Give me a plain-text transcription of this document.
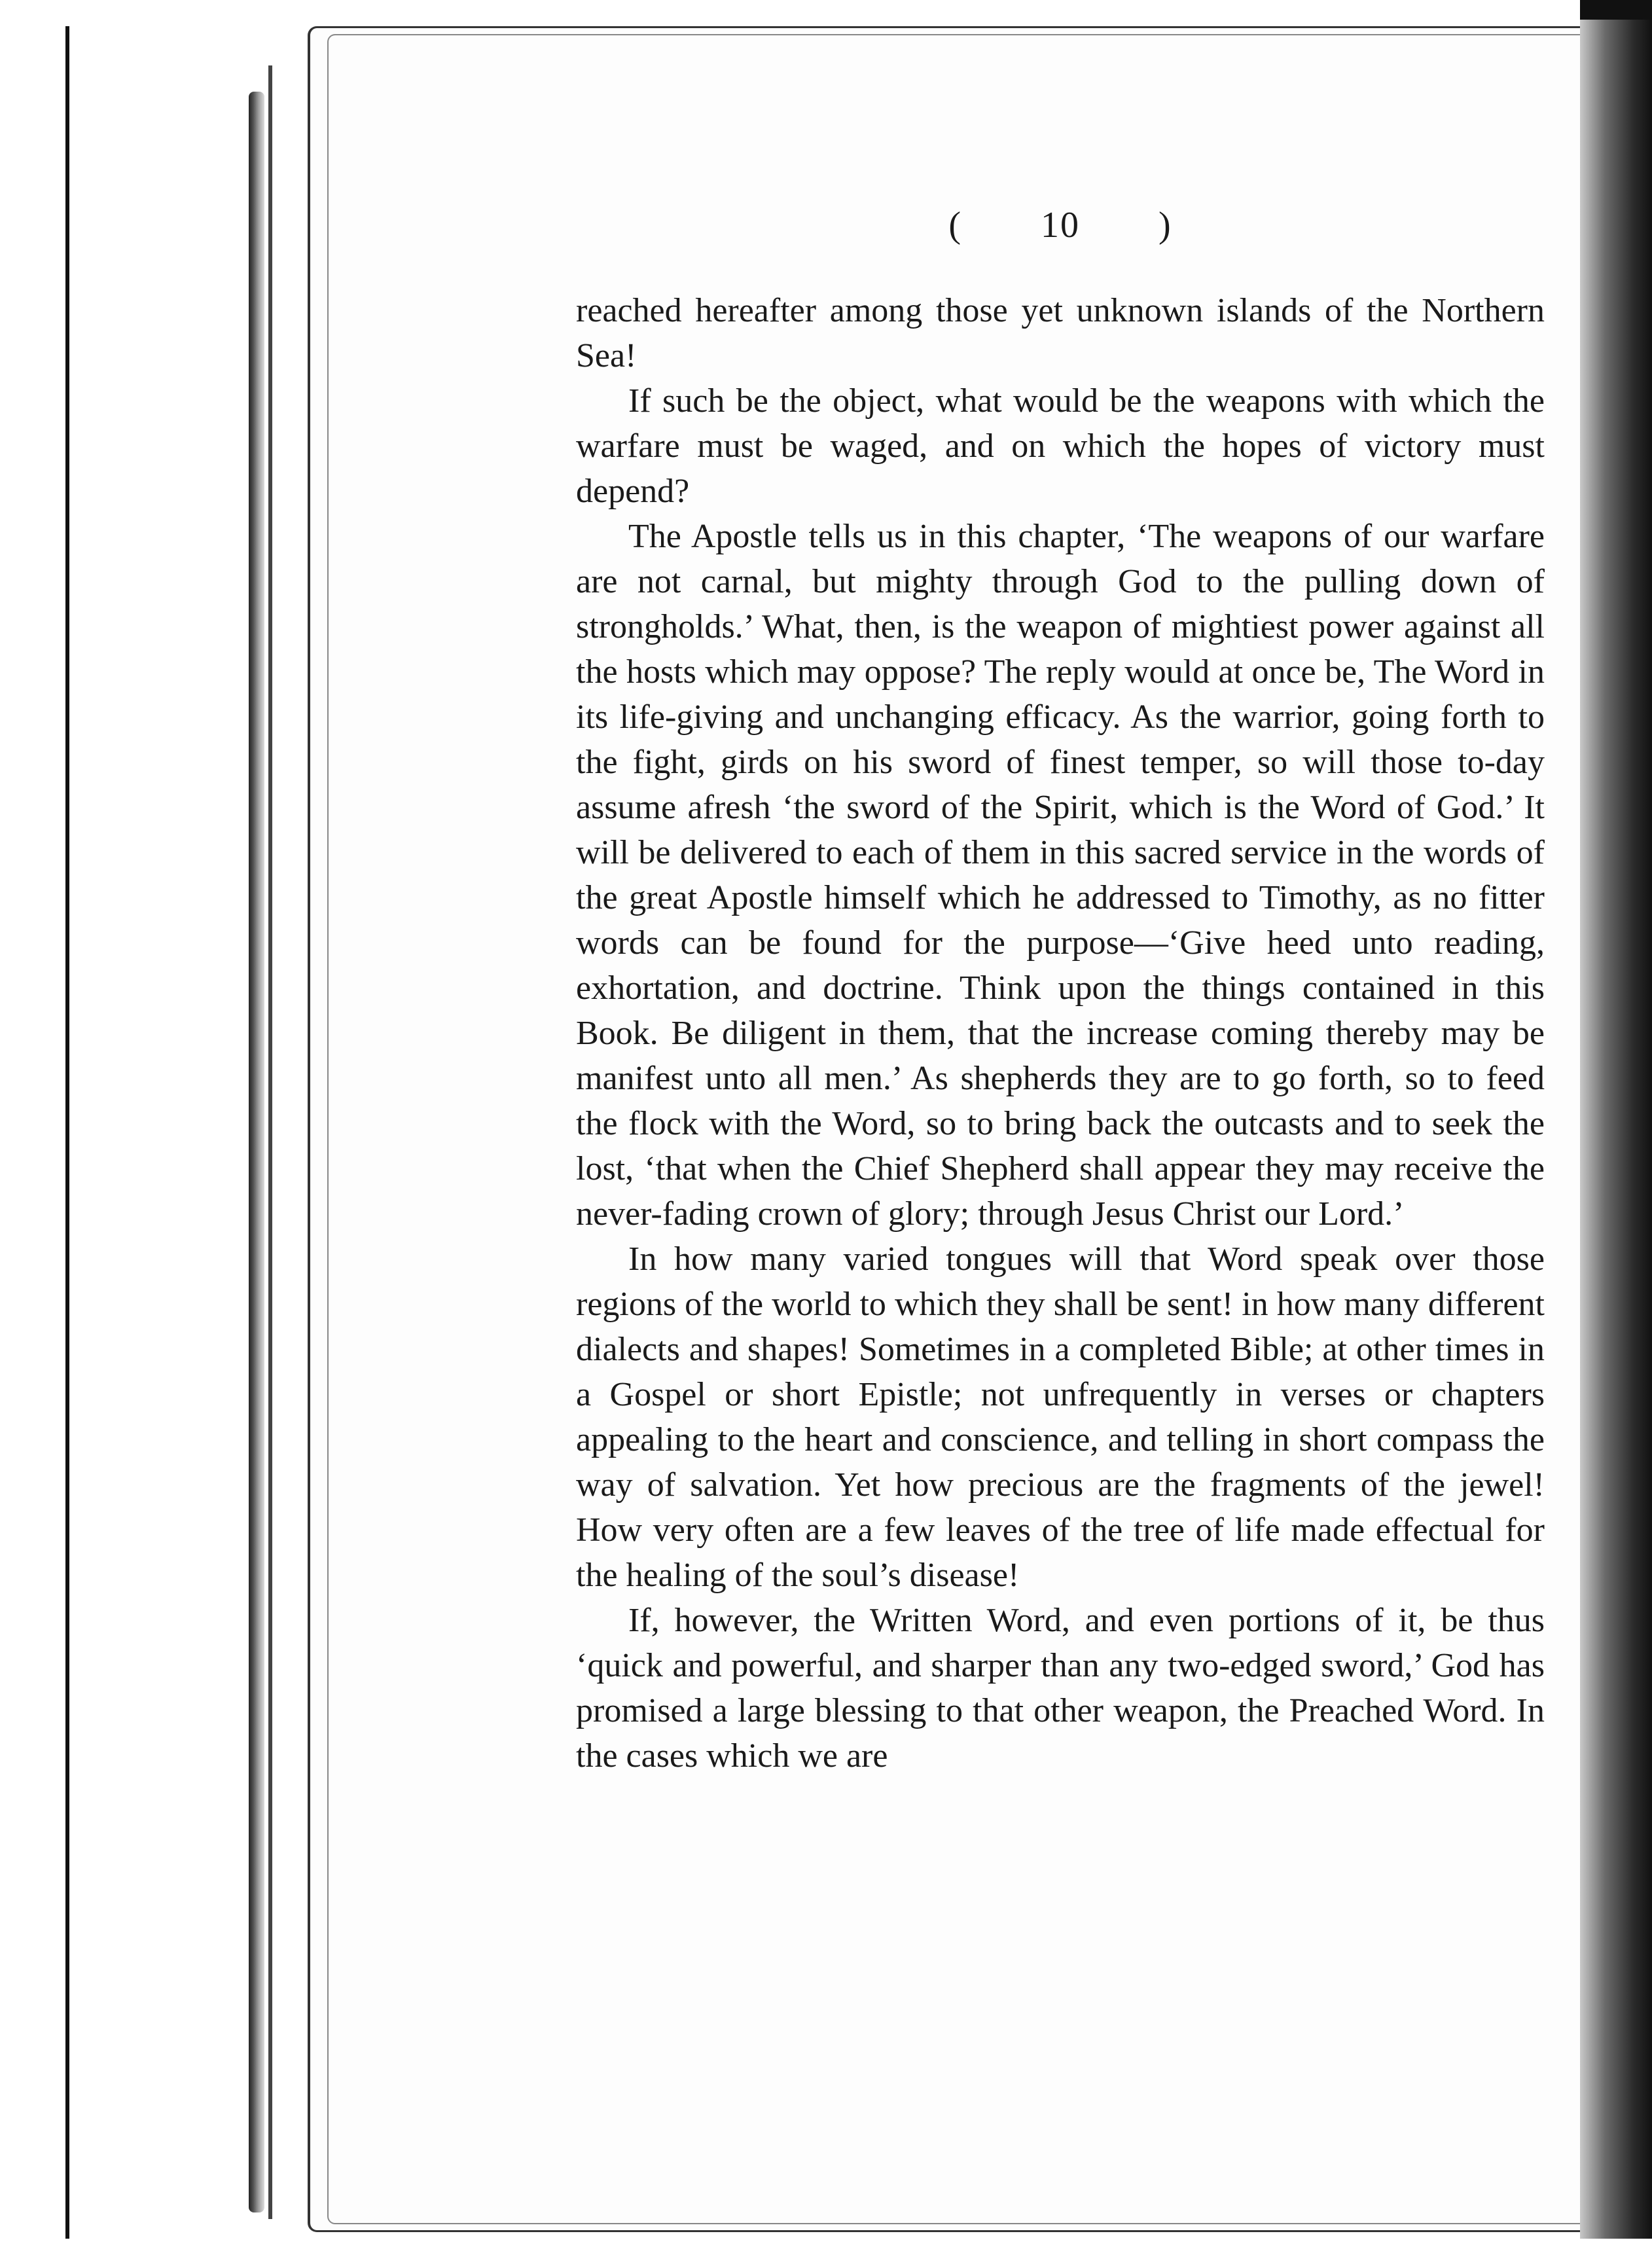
( 10 )

reached hereafter among those yet unknown islands of the Northern Sea!

If such be the object, what would be the weapons with which the warfare must be waged, and on which the hopes of victory must depend?

The Apostle tells us in this chapter, ‘The weapons of our warfare are not carnal, but mighty through God to the pulling down of strongholds.’ What, then, is the weapon of mightiest power against all the hosts which may oppose? The reply would at once be, The Word in its life-giving and unchanging efficacy. As the warrior, going forth to the fight, girds on his sword of finest temper, so will those to-day assume afresh ‘the sword of the Spirit, which is the Word of God.’ It will be delivered to each of them in this sacred service in the words of the great Apostle himself which he addressed to Timothy, as no fitter words can be found for the purpose—‘Give heed unto reading, exhortation, and doctrine. Think upon the things contained in this Book. Be diligent in them, that the increase coming thereby may be manifest unto all men.’ As shepherds they are to go forth, so to feed the flock with the Word, so to bring back the outcasts and to seek the lost, ‘that when the Chief Shepherd shall appear they may receive the never-fading crown of glory; through Jesus Christ our Lord.’

In how many varied tongues will that Word speak over those regions of the world to which they shall be sent! in how many different dialects and shapes! Sometimes in a completed Bible; at other times in a Gospel or short Epistle; not unfrequently in verses or chapters appealing to the heart and conscience, and telling in short compass the way of salvation. Yet how precious are the fragments of the jewel! How very often are a few leaves of the tree of life made effectual for the healing of the soul’s disease!

If, however, the Written Word, and even portions of it, be thus ‘quick and powerful, and sharper than any two-edged sword,’ God has promised a large blessing to that other weapon, the Preached Word. In the cases which we are
